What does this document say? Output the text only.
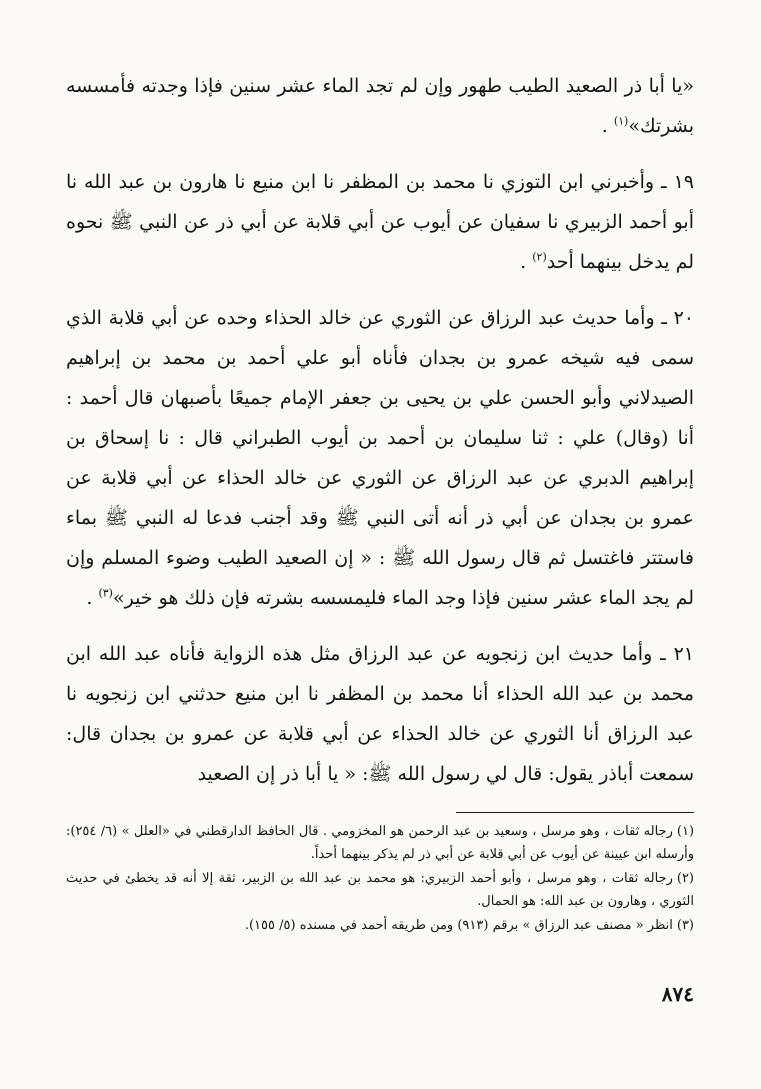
«يا أبا ذر الصعيد الطيب طهور وإن لم تجد الماء عشر سنين فإذا وجدته فأمسسه بشرتك»$^{(١)}$ .

١٩ ـ وأخبرني ابن التوزي نا محمد بن المظفر نا ابن منيع نا هارون بن عبد الله نا أبو أحمد الزبيري نا سفيان عن أيوب عن أبي قلابة عن أبي ذر عن النبي ﷺ نحوه لم يدخل بينهما أحد$^{(٢)}$ .

٢٠ ـ وأما حديث عبد الرزاق عن الثوري عن خالد الحذاء وحده عن أبي قلابة الذي سمى فيه شيخه عمرو بن بجدان فأناه أبو علي أحمد بن محمد بن إبراهيم الصيدلاني وأبو الحسن علي بن يحيى بن جعفر الإمام جميعًا بأصبهان قال أحمد : أنا (وقال) علي : ثنا سليمان بن أحمد بن أيوب الطبراني قال : نا إسحاق بن إبراهيم الدبري عن عبد الرزاق عن الثوري عن خالد الحذاء عن أبي قلابة عن عمرو بن بجدان عن أبي ذر أنه أتى النبي ﷺ وقد أجنب فدعا له النبي ﷺ بماء فاستتر فاغتسل ثم قال رسول الله ﷺ : « إن الصعيد الطيب وضوء المسلم وإن لم يجد الماء عشر سنين فإذا وجد الماء فليمسسه بشرته فإن ذلك هو خير»$^{(٣)}$ .

٢١ ـ وأما حديث ابن زنجويه عن عبد الرزاق مثل هذه الزواية فأناه عبد الله ابن محمد بن عبد الله الحذاء أنا محمد بن المظفر نا ابن منيع حدثني ابن زنجويه نا عبد الرزاق أنا الثوري عن خالد الحذاء عن أبي قلابة عن عمرو بن بجدان قال: سمعت أباذر يقول: قال لي رسول الله ﷺ: « يا أبا ذر إن الصعيد

(١)رجاله ثقات ، وهو مرسل ، وسعيد بن عبد الرحمن هو المخزومي . قال الحافظ الدارقطني في «العلل » (٦/ ٢٥٤): وأرسله ابن عيينة عن أيوب عن أبي قلابة عن أبي ذر لم يذكر بينهما أحداً.

(٢)رجاله ثقات ، وهو مرسل ، وأبو أحمد الزبيري: هو محمد بن عبد الله بن الزبير، ثقة إلا أنه قد يخطئ في حديث الثوري ، وهارون بن عبد الله: هو الحمال.

(٣)انظر « مصنف عبد الرزاق » برقم (٩١٣) ومن طريقه أحمد في مسنده (٥/ ١٥٥).

٨٧٤
